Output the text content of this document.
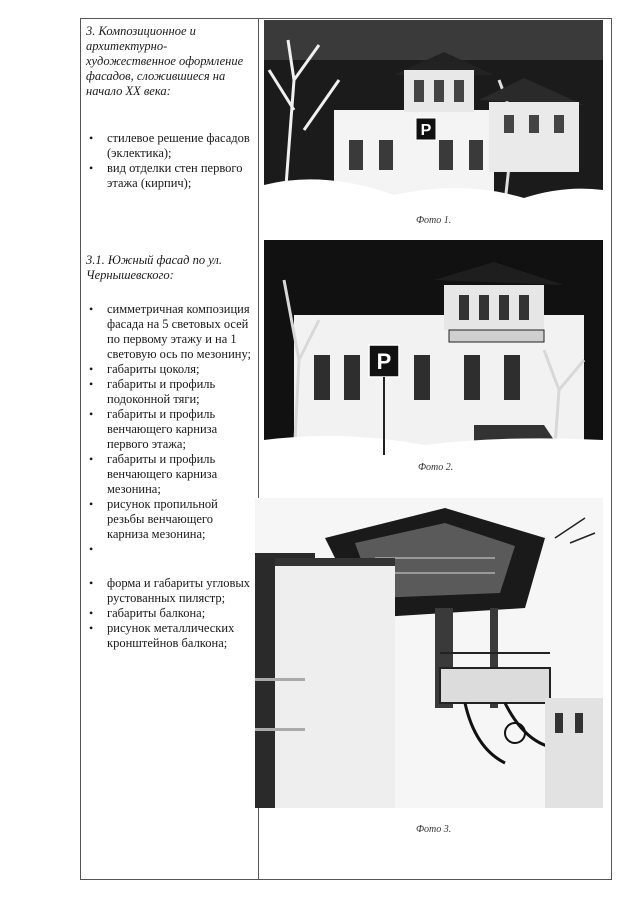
3. Композиционное и архитектурно-художественное оформление фасадов, сложившиеся на начало XX века:
• стилевое решение фасадов (эклектика);
• вид отделки стен первого этажа (кирпич);
3.1. Южный фасад по ул. Чернышевского:
• симметричная композиция фасада на 5 световых осей по первому этажу и на 1 световую ось по мезонину;
• габариты цоколя;
• габариты и профиль подоконной тяги;
• габариты и профиль венчающего карниза первого этажа;
• габариты и профиль венчающего карниза мезонина;
• рисунок пропильной резьбы венчающего карниза мезонина;
•
• форма и габариты угловых рустованных пилястр;
• габариты балкона;
• рисунок металлических кронштейнов балкона;
P
Фото 1.
P
Фото 2.
Фото 3.
